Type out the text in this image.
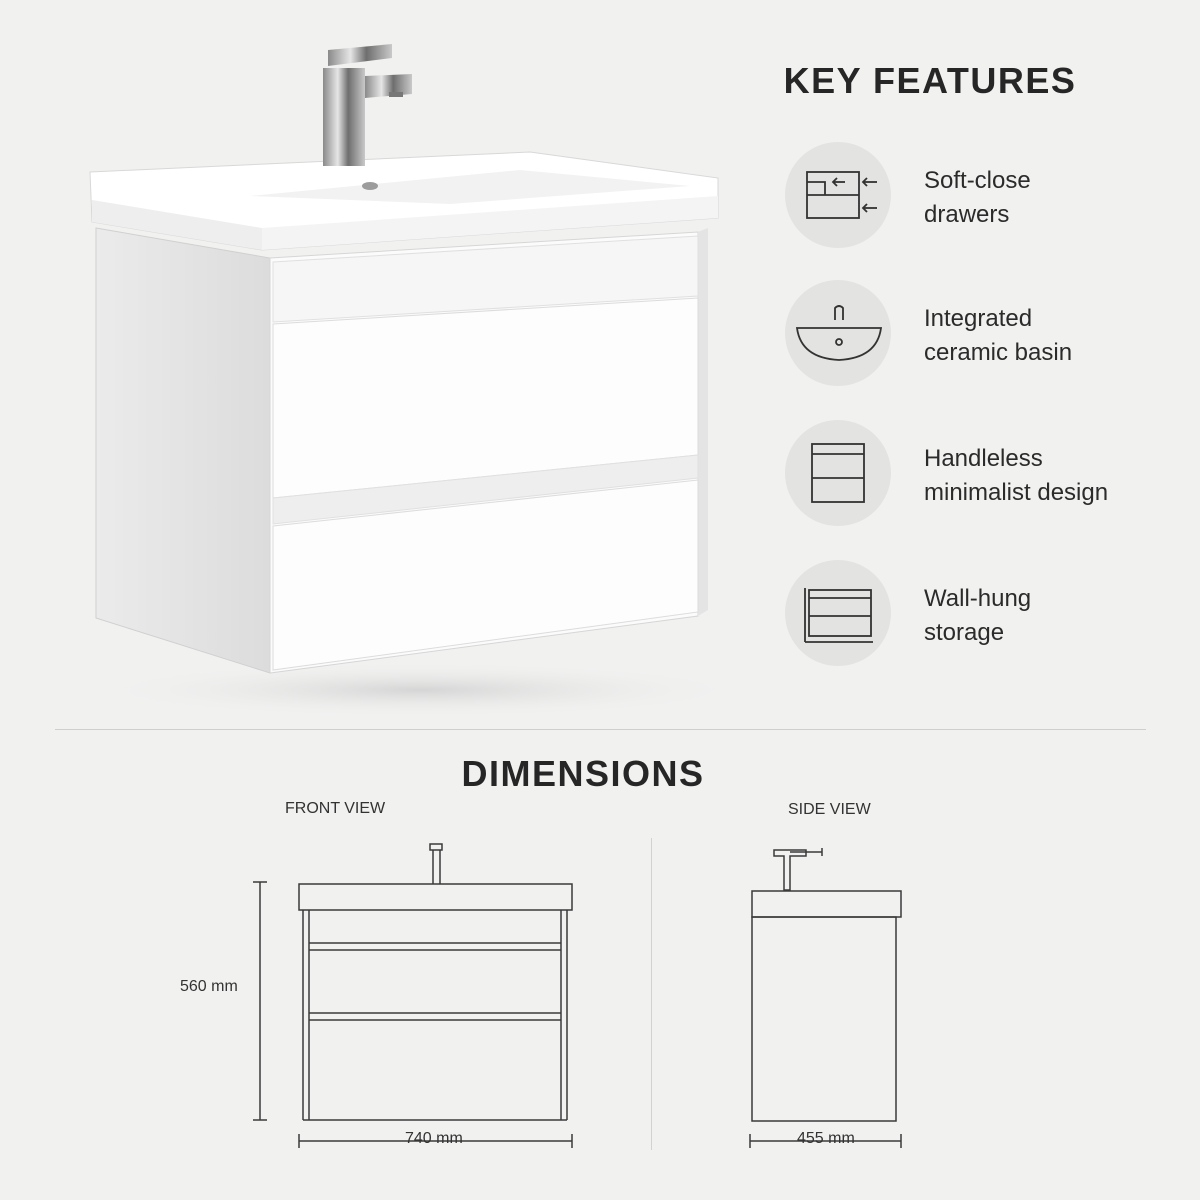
KEY FEATURES
Soft-close
drawers
Integrated
ceramic basin
Handleless
minimalist design
Wall-hung
storage
DIMENSIONS
FRONT VIEW	SIDE VIEW
560 mm
740 mm	455 mm
